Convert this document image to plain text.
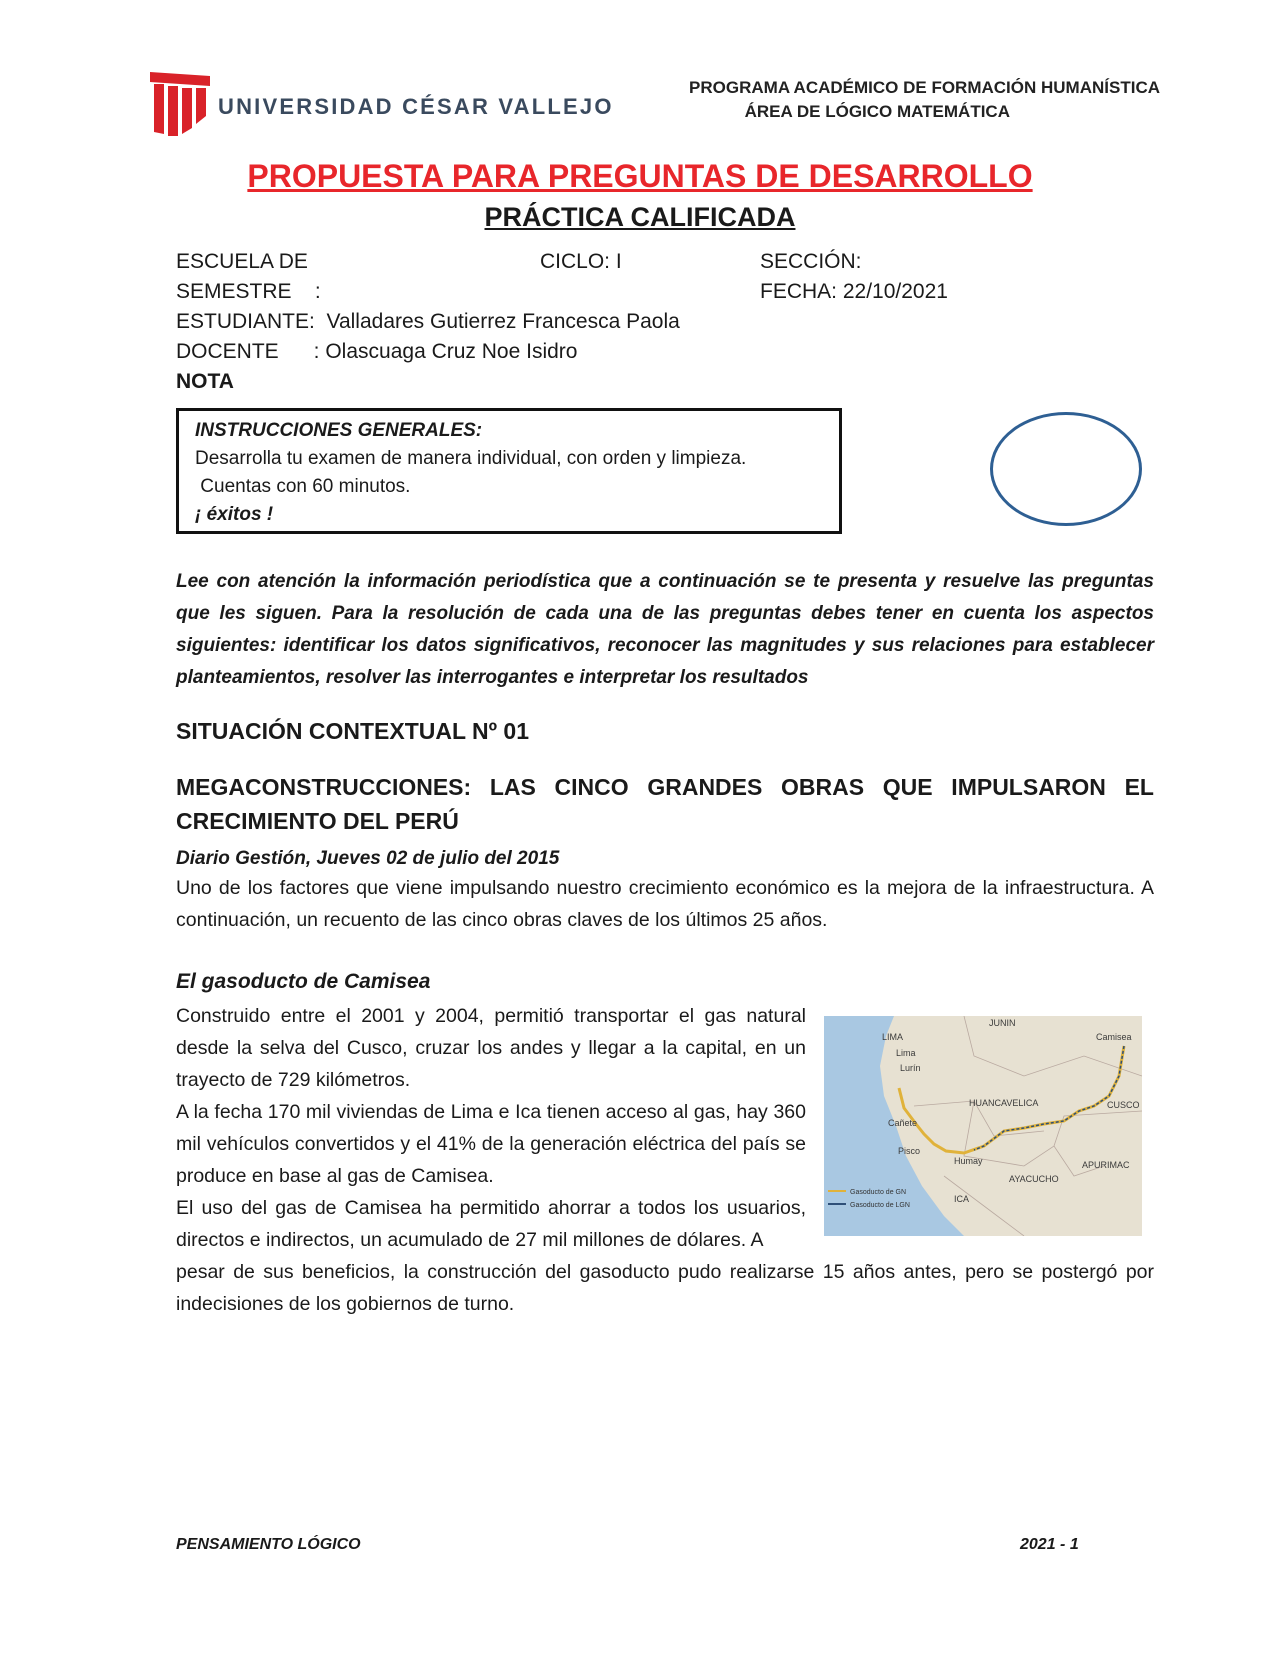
UNIVERSIDAD CÉSAR VALLEJO
PROGRAMA ACADÉMICO DE FORMACIÓN HUMANÍSTICA
ÁREA DE LÓGICO MATEMÁTICA
PROPUESTA PARA PREGUNTAS DE DESARROLLO
PRÁCTICA CALIFICADA
ESCUELA DE	CICLO: I	SECCIÓN:
SEMESTRE    :	FECHA: 22/10/2021
ESTUDIANTE:  Valladares Gutierrez Francesca Paola
DOCENTE      : Olascuaga Cruz Noe Isidro
NOTA
INSTRUCCIONES GENERALES:
Desarrolla tu examen de manera individual, con orden y limpieza.
Cuentas con 60 minutos.
¡ éxitos !
Lee con atención la información periodística que a continuación se te presenta y resuelve las preguntas que les siguen. Para la resolución de cada una de las preguntas debes tener en cuenta los aspectos siguientes: identificar los datos significativos, reconocer las magnitudes y sus relaciones para establecer planteamientos, resolver las interrogantes e interpretar los resultados
SITUACIÓN CONTEXTUAL Nº 01
MEGACONSTRUCCIONES: LAS CINCO GRANDES OBRAS QUE IMPULSARON EL CRECIMIENTO DEL PERÚ
Diario Gestión, Jueves 02 de julio del 2015
Uno de los factores que viene impulsando nuestro crecimiento económico es la mejora de la infraestructura. A continuación, un recuento de las cinco obras claves de los últimos 25 años.
El gasoducto de Camisea
Construido entre el 2001 y 2004, permitió transportar el gas natural desde la selva del Cusco, cruzar los andes y llegar a la capital, en un trayecto de 729 kilómetros.
A la fecha 170 mil viviendas de Lima e Ica tienen acceso al gas, hay 360 mil vehículos convertidos y el 41% de la generación eléctrica del país se produce en base al gas de Camisea.
El uso del gas de Camisea ha permitido ahorrar a todos los usuarios, directos e indirectos, un acumulado de 27 mil millones de dólares. A
pesar de sus beneficios, la construcción del gasoducto pudo realizarse 15 años antes, pero se postergó por indecisiones de los gobiernos de turno.
JUNIN
LIMA
Lima
Lurín
Camisea
HUANCAVELICA	CUSCO
Cañete
Pisco
Humay	APURIMAC
AYACUCHO
ICA
Gasoducto de GN
Gasoducto de LGN
PENSAMIENTO LÓGICO	2021 - 1
